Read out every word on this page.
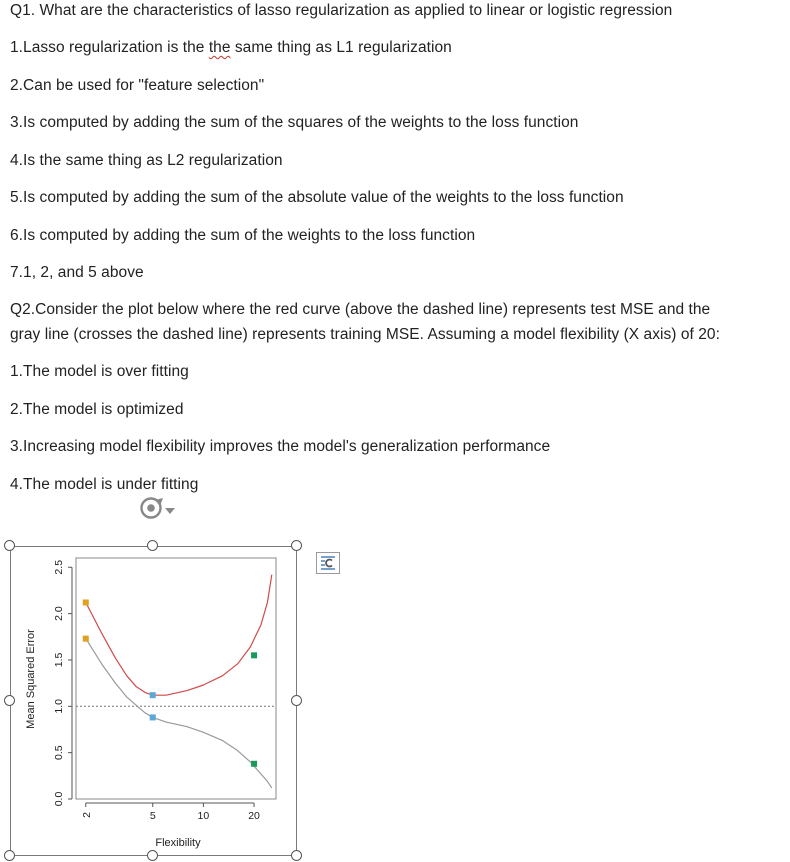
Q1. What are the characteristics of lasso regularization as applied to linear or logistic regression
1.Lasso regularization is the the same thing as L1 regularization
2.Can be used for "feature selection"
3.Is computed by adding the sum of the squares of the weights to the loss function
4.Is the same thing as L2 regularization
5.Is computed by adding the sum of the absolute value of the weights to the loss function
6.Is computed by adding the sum of the weights to the loss function
7.1, 2, and 5 above
Q2.Consider the plot below where the red curve (above the dashed line) represents test MSE and the
gray line (crosses the dashed line) represents training MSE. Assuming a model flexibility (X axis) of 20:
1.The model is over fitting
2.The model is optimized
3.Increasing model flexibility improves the model's generalization performance
4.The model is under fitting
0.0
0.5
1.0
1.5
2.0
2.5
2	5	10	20
Flexibility
Mean Squared Error
